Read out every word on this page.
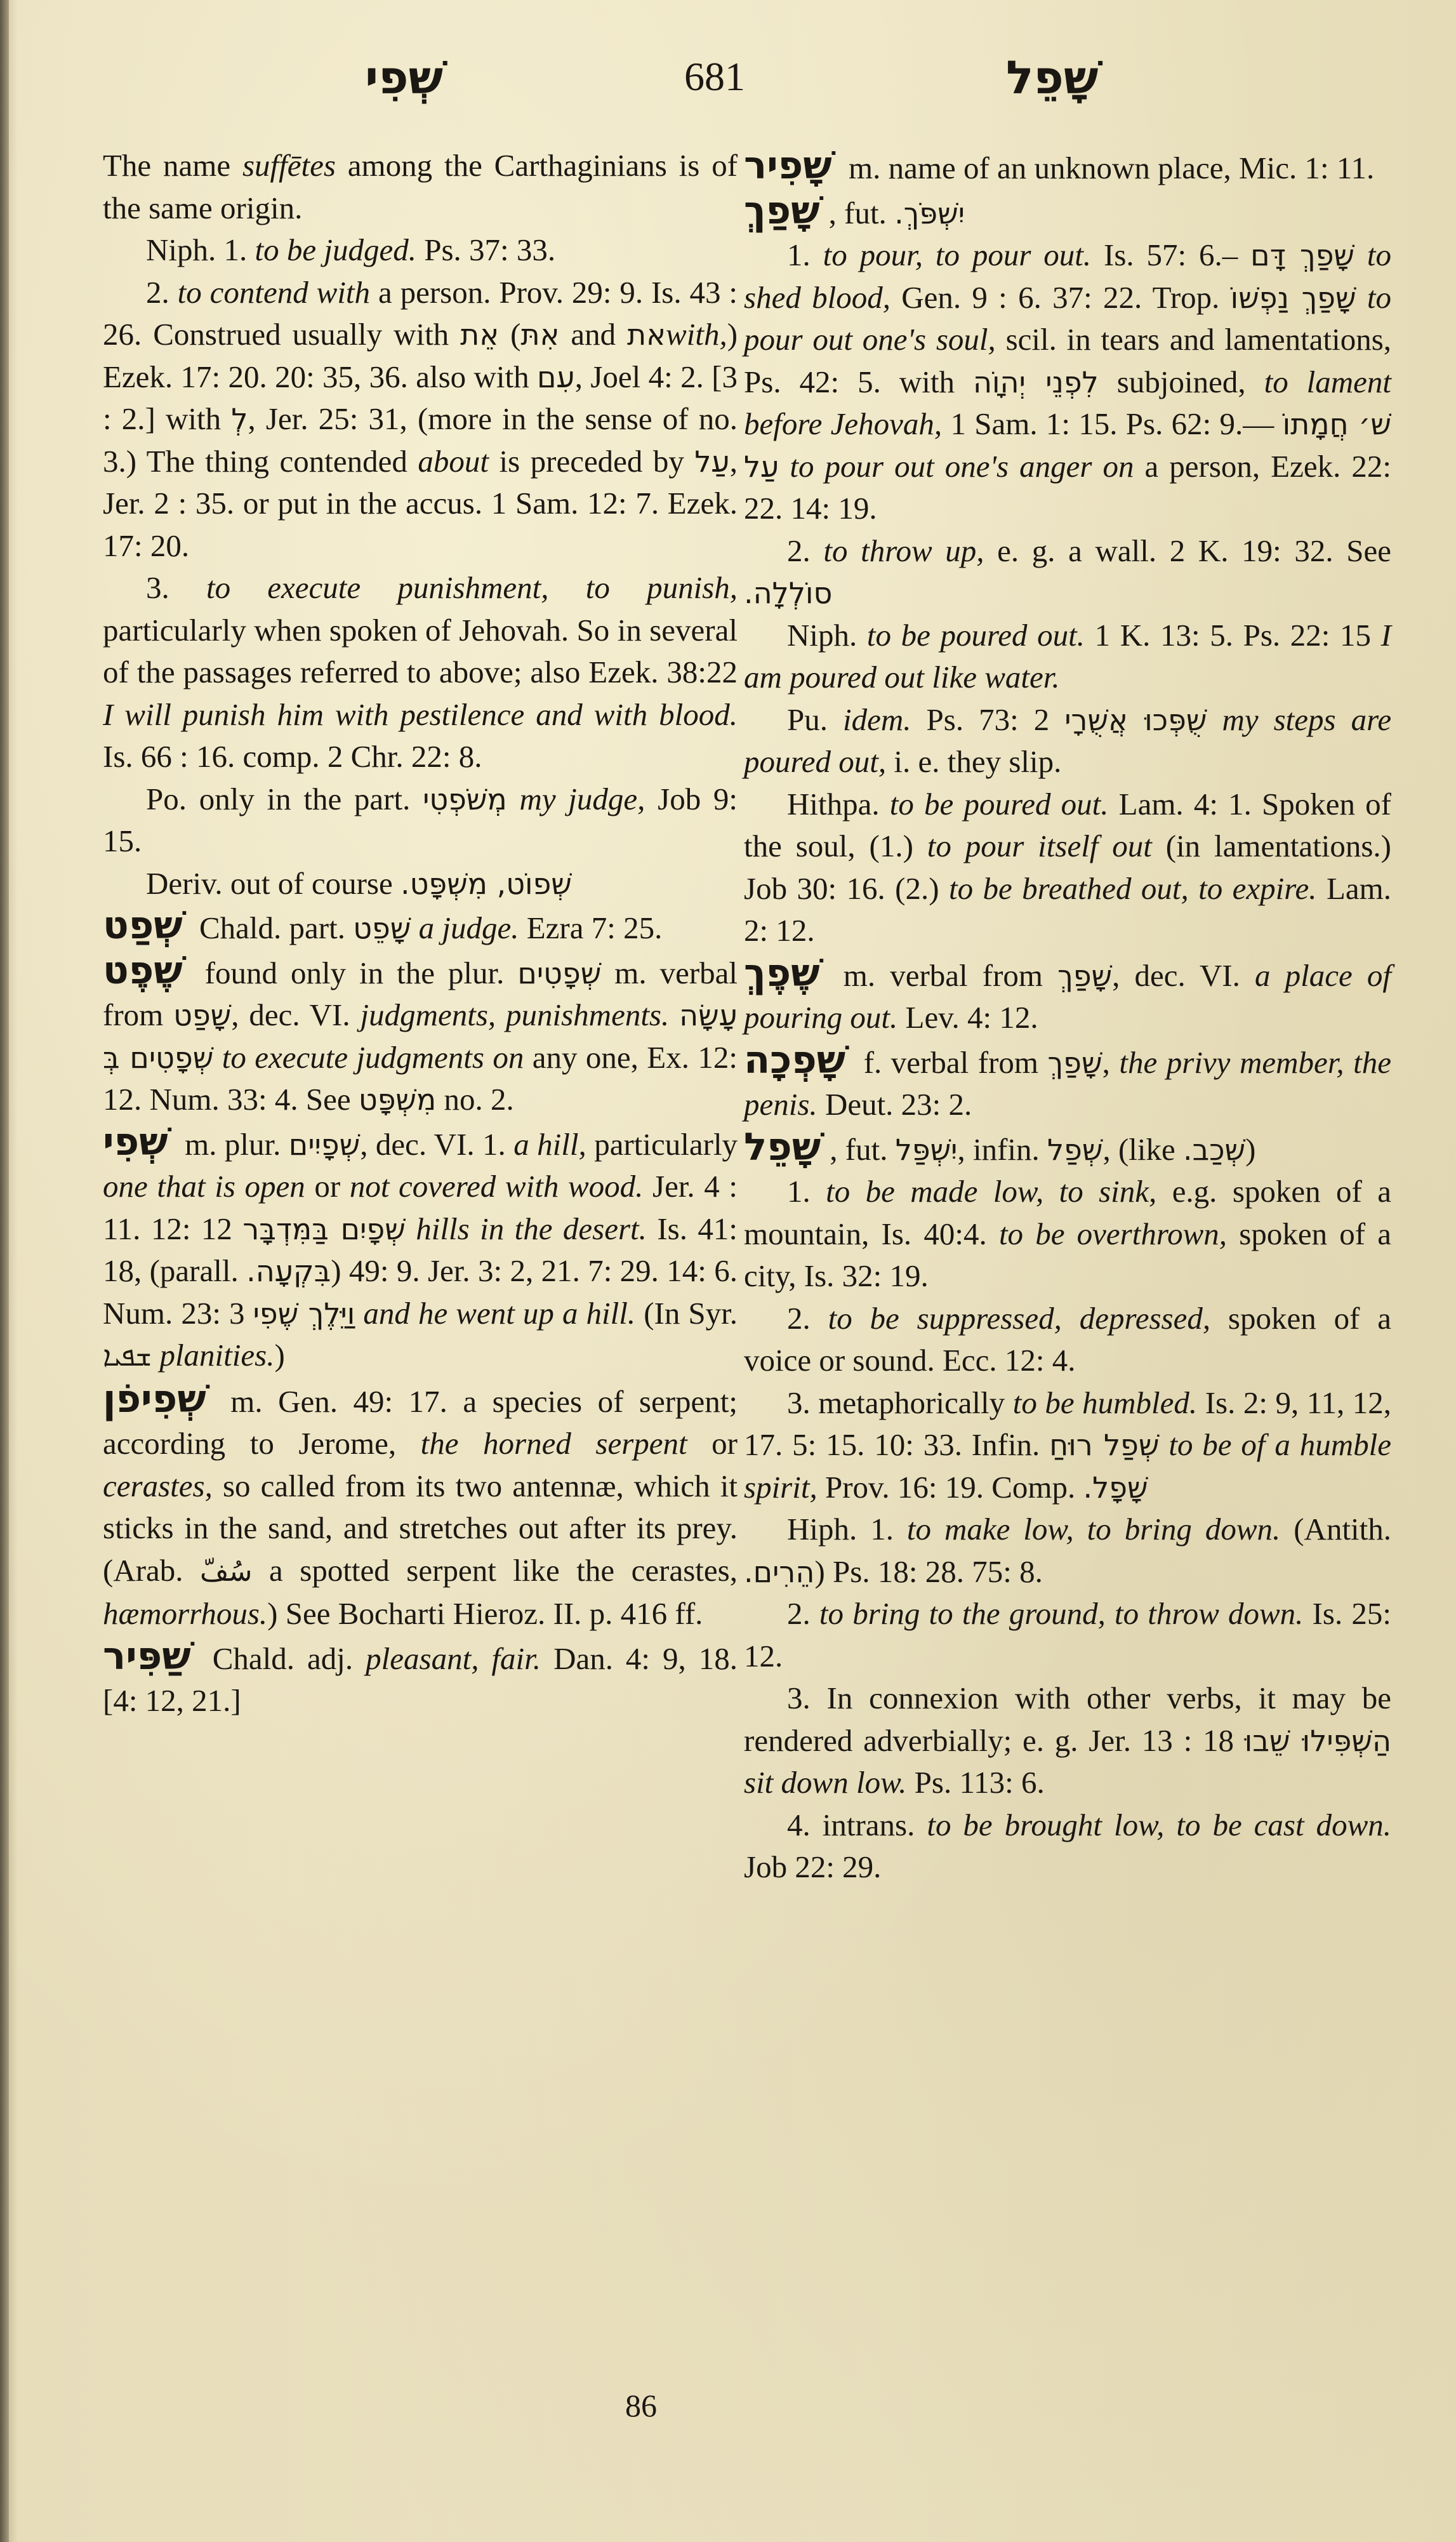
שְׁפִי	681	שָׁפֵל

The name suffētes among the Carthaginians is of the same origin.

Niph. 1. to be judged. Ps. 37: 33.

2. to contend with a person. Prov. 29: 9. Is. 43 : 26. Construed usually with אֵת (אִתּ and אתwith,) Ezek. 17: 20. 20: 35, 36. also with עִם, Joel 4: 2. [3 : 2.] with לְ, Jer. 25: 31, (more in the sense of no. 3.) The thing contended about is preceded by עַל, Jer. 2 : 35. or put in the accus. 1 Sam. 12: 7. Ezek. 17: 20.

3. to execute punishment, to punish, particularly when spoken of Jehovah. So in several of the passages referred to above; also Ezek. 38:22 I will punish him with pestilence and with blood. Is. 66 : 16. comp. 2 Chr. 22: 8.

Po. only in the part. מְשֹׁפְטִי my judge, Job 9: 15.

Deriv. out of course שְׁפוֹט, מִשְׁפָּט.

שְׁפַט Chald. part. שָׁפֵט a judge. Ezra 7: 25.

שֶׁפֶט found only in the plur. שְׁפָטִים m. verbal from שָׁפַט, dec. VI. judgments, punishments. עָשָׂה שְׁפָטִים בְּ to execute judgments on any one, Ex. 12: 12. Num. 33: 4. See מִשְׁפָּט no. 2.

שְׁפִי m. plur. שְׁפָיִים, dec. VI. 1. a hill, particularly one that is open or not covered with wood. Jer. 4 : 11. 12: 12 שְׁפָיִם בַּמִּדְבָּר hills in the desert. Is. 41: 18, (parall. בִּקְעָה.) 49: 9. Jer. 3: 2, 21. 7: 29. 14: 6. Num. 23: 3 וַיֵּלֶךְ שֶׁפִי and he went up a hill. (In Syr. ܫܦܝܐ planities.)

שְׁפִיפֹן m. Gen. 49: 17. a species of serpent; according to Jerome, the horned serpent or cerastes, so called from its two antennæ, which it sticks in the sand, and stretches out after its prey. (Arab. سُفّ a spotted serpent like the cerastes, hæmorrhous.) See Bocharti Hieroz. II. p. 416 ff.

שַׁפִּיר Chald. adj. pleasant, fair. Dan. 4: 9, 18. [4: 12, 21.]

שָׁפִיר m. name of an unknown place, Mic. 1: 11.

שָׁפַךְ , fut. יִשְׁפֹּךְ.

1. to pour, to pour out. Is. 57: 6.– שָׁפַךְ דָּם to shed blood, Gen. 9 : 6. 37: 22. Trop. שָׁפַךְ נַפְשׁוֹ to pour out one's soul, scil. in tears and lamentations, Ps. 42: 5. with לִפְנֵי יְהוָֹה subjoined, to lament before Jehovah, 1 Sam. 1: 15. Ps. 62: 9.— שׁ׳ חֲמָתוֹ עַל to pour out one's anger on a person, Ezek. 22: 22. 14: 19.

2. to throw up, e. g. a wall. 2 K. 19: 32. See סוֹלְלָה.

Niph. to be poured out. 1 K. 13: 5. Ps. 22: 15 I am poured out like water.

Pu. idem. Ps. 73: 2 שֻׁפְּכוּ אֲשֻׁרָי my steps are poured out, i. e. they slip.

Hithpa. to be poured out. Lam. 4: 1. Spoken of the soul, (1.) to pour itself out (in lamentations.) Job 30: 16. (2.) to be breathed out, to expire. Lam. 2: 12.

שֶׁפֶךְ m. verbal from שָׁפַךְ, dec. VI. a place of pouring out. Lev. 4: 12.

שָׁפְכָה f. verbal from שָׁפַךְ, the privy member, the penis. Deut. 23: 2.

שָׁפֵל , fut. יִשְׁפַּל, infin. שְׁפַל, (like שְׁכַב.)

1. to be made low, to sink, e.g. spoken of a mountain, Is. 40:4. to be overthrown, spoken of a city, Is. 32: 19.

2. to be suppressed, depressed, spoken of a voice or sound. Ecc. 12: 4.

3. metaphorically to be humbled. Is. 2: 9, 11, 12, 17. 5: 15. 10: 33. Infin. שְׁפַל רוּחַ to be of a humble spirit, Prov. 16: 19. Comp. שָׁפָל.

Hiph. 1. to make low, to bring down. (Antith. הֵרִים.) Ps. 18: 28. 75: 8.

2. to bring to the ground, to throw down. Is. 25: 12.

3. In connexion with other verbs, it may be rendered adverbially; e. g. Jer. 13 : 18 הַשְׁפִּילוּ שֵׁבוּ sit down low. Ps. 113: 6.

4. intrans. to be brought low, to be cast down. Job 22: 29.

86
